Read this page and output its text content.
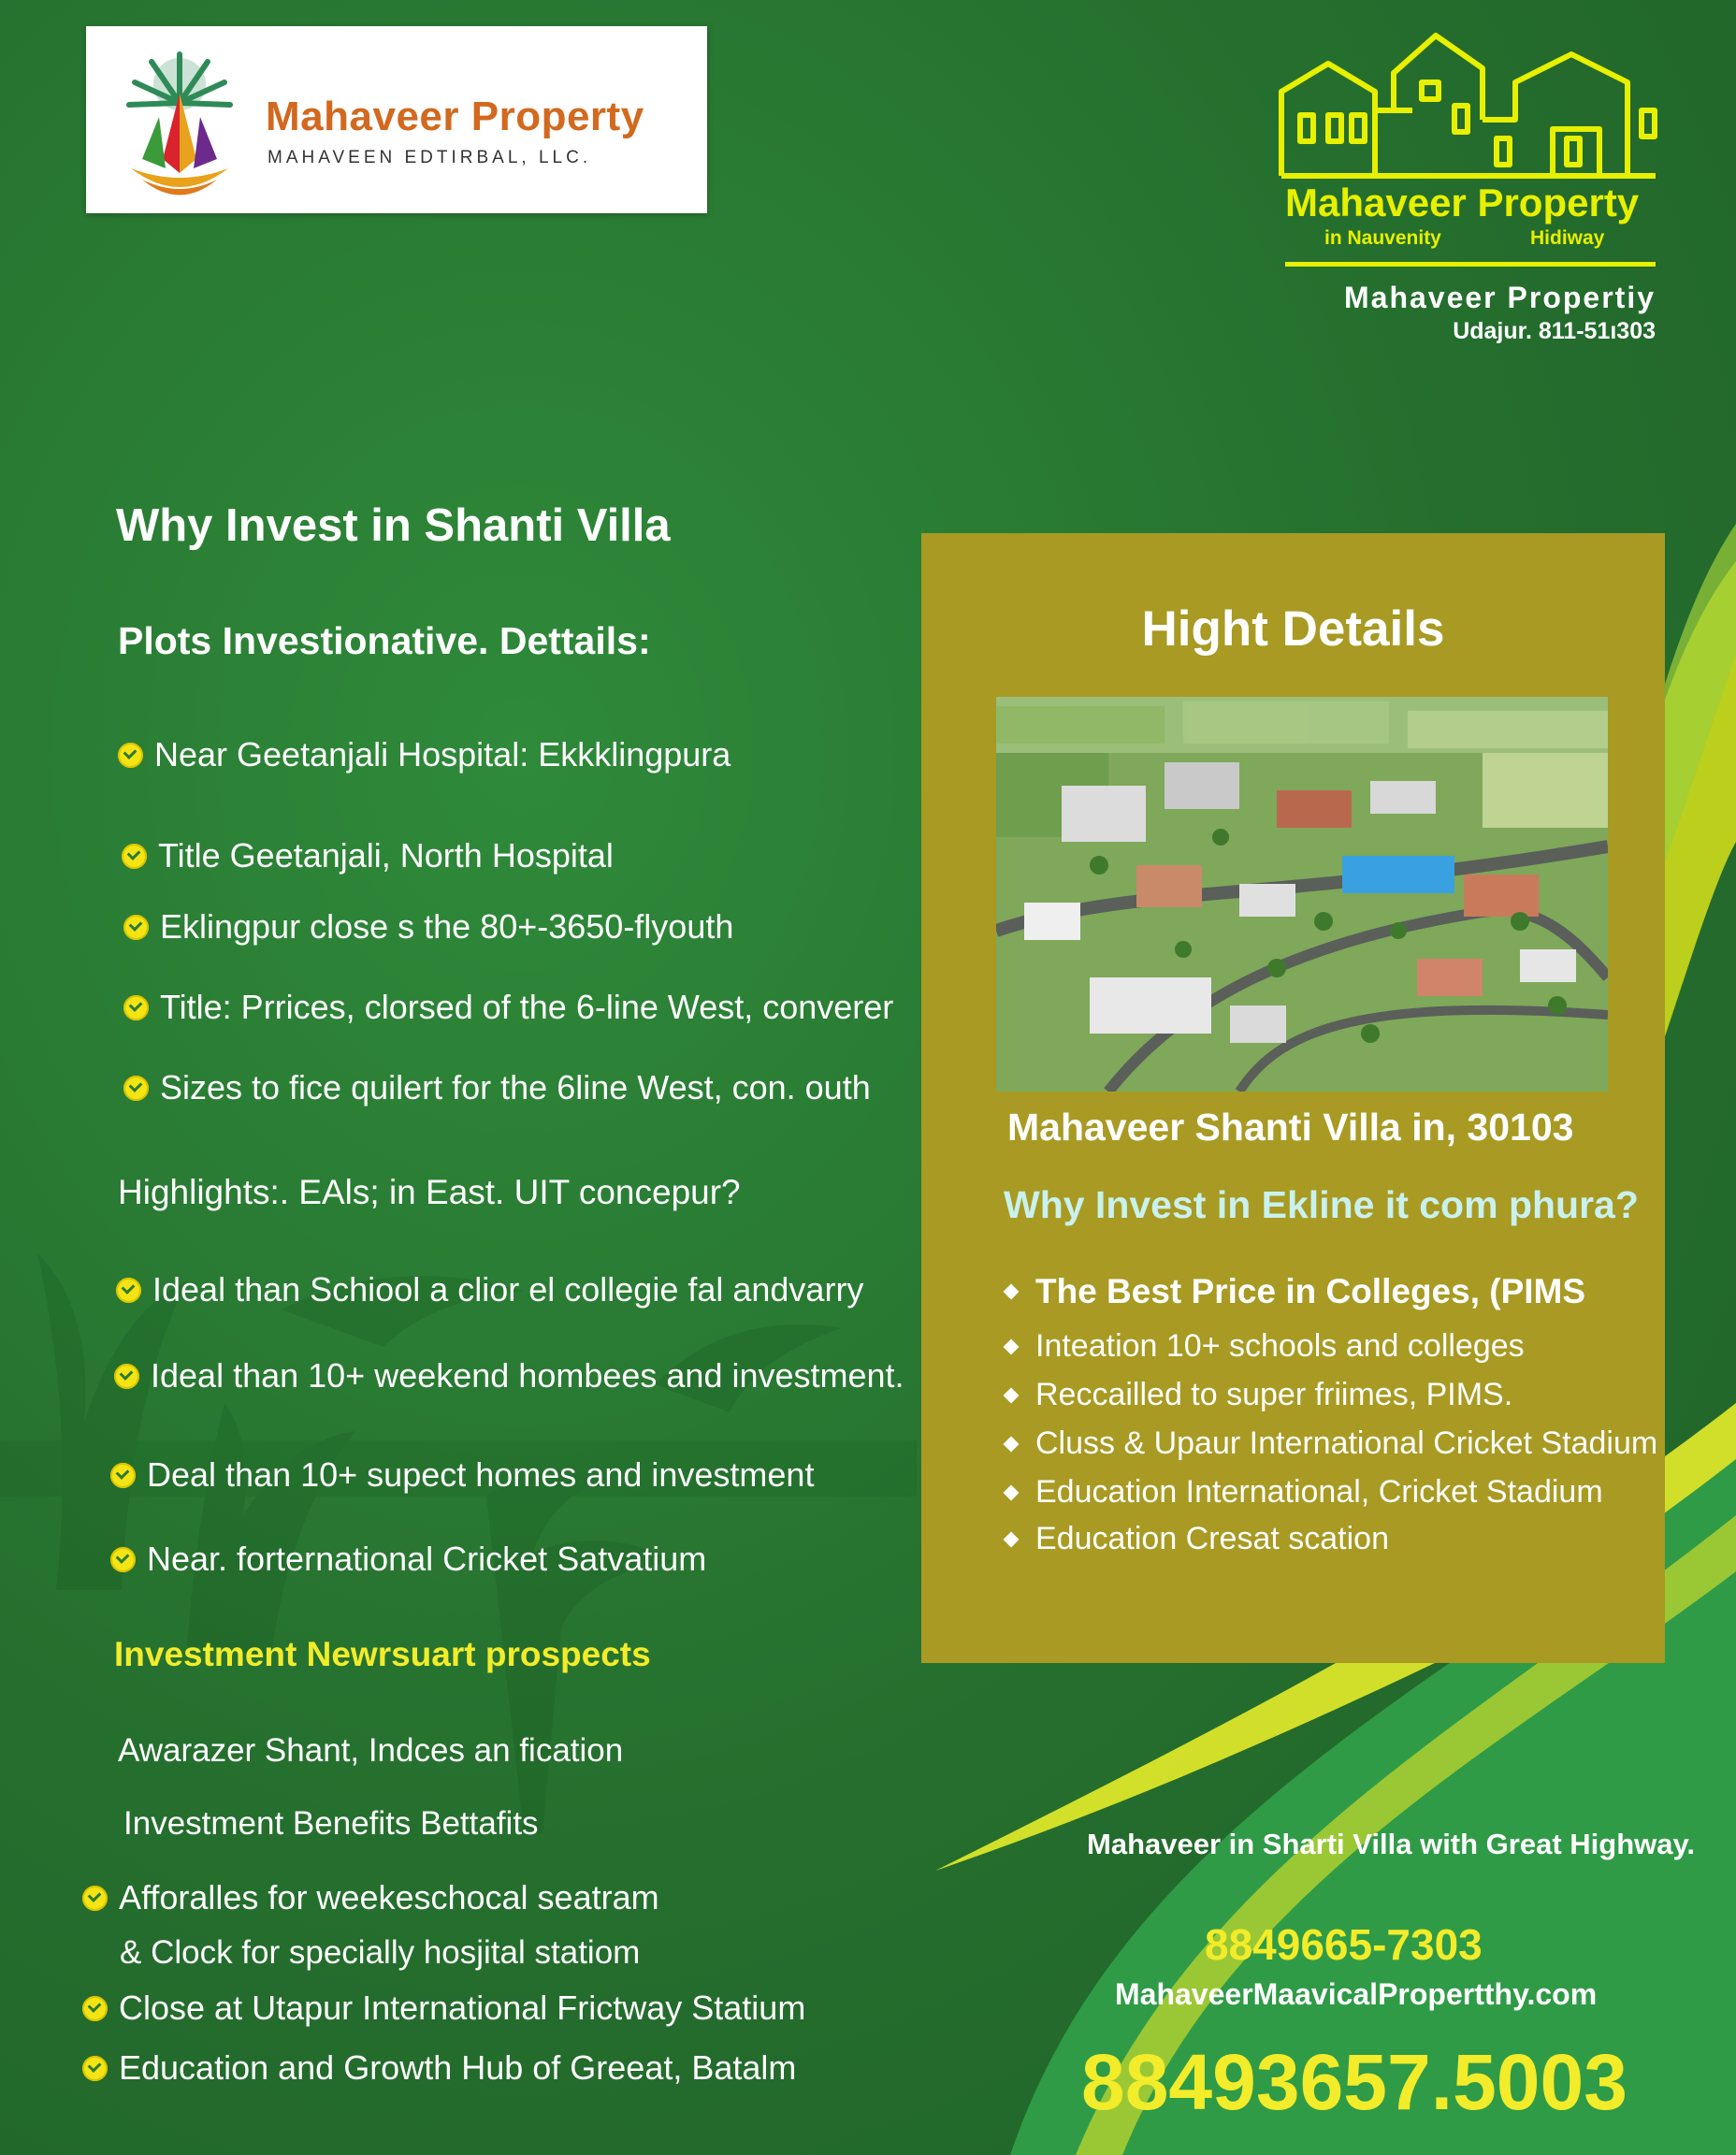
Mahaveer Property
MAHAVEEN EDTIRBAL, LLC.
Mahaveer Property
in Nauvenity	Hidiway
Mahaveer Propertiy
Udajur. 811-51ı303
Why Invest in Shanti Villa
Plots Investionative. Dettails:
Near Geetanjali Hospital: Ekkklingpura
Title Geetanjali, North Hospital
Eklingpur close s the 80+-3650-flyouth
Title: Prrices, clorsed of the 6-line West, converer
Sizes to fice quilert for the 6line West, con. outh
Highlights:. EAls; in East. UIT concepur?
Ideal than Schiool a clior el collegie fal andvarry
Ideal than 10+ weekend hombees and investment.
Deal than 10+ supect homes and investment
Near. forternational Cricket Satvatium
Investment Newrsuart prospects
Awarazer Shant, Indces an fication
Investment Benefits Bettafits
Afforalles for weekeschocal seatram
& Clock for specially hosjital statiom
Close at Utapur International Frictway Statium
Education and Growth Hub of Greeat, Batalm
Hight Details
Mahaveer Shanti Villa in, 30103
Why Invest in Ekline it com phura?
The Best Price in Colleges, (PIMS
Inteation 10+ schools and colleges
Reccailled to super friimes, PIMS.
Cluss & Upaur International Cricket Stadium
Education International, Cricket Stadium
Education Cresat scation
Mahaveer in Sharti Villa with Great Highway.
8849665-7303
MahaveerMaavicalPropertthy.com
88493657.5003
